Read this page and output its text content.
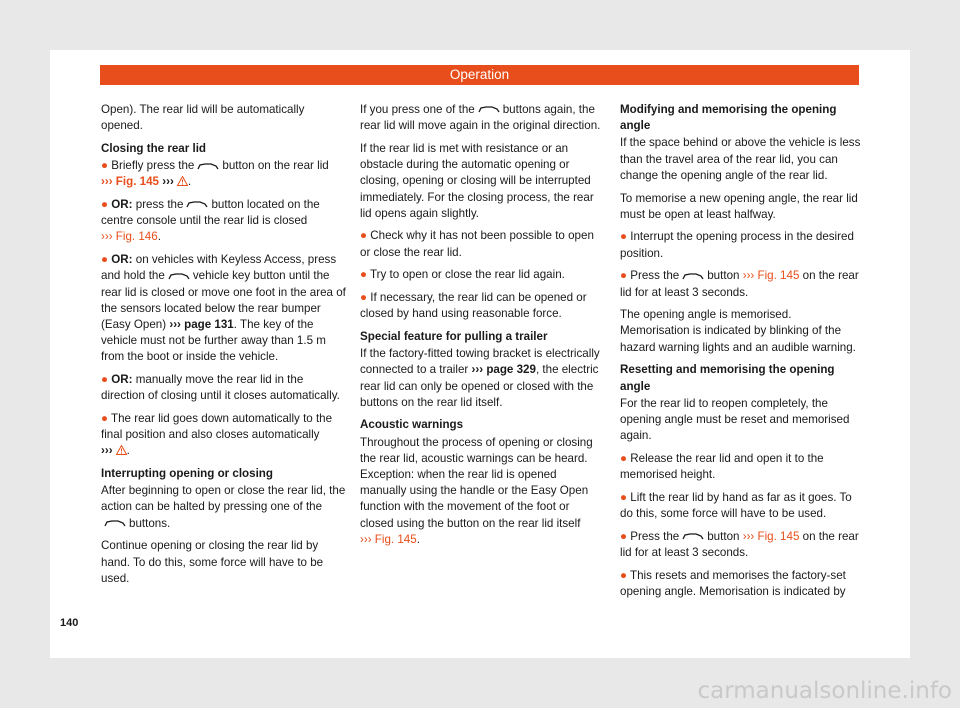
Operation

Open). The rear lid will be automatically opened.

Closing the rear lid

● Briefly press the button on the rear lid
››› Fig. 145 ››› .

● OR: press the button located on the centre console until the rear lid is closed
››› Fig. 146.

● OR: on vehicles with Keyless Access, press and hold the vehicle key button until the rear lid is closed or move one foot in the area of the sensors located below the rear bumper (Easy Open) ››› page 131. The key of the vehicle must not be further away than 1.5 m from the boot or inside the vehicle.

● OR: manually move the rear lid in the direction of closing until it closes automatically.

● The rear lid goes down automatically to the final position and also closes automatically
››› .

Interrupting opening or closing

After beginning to open or close the rear lid, the action can be halted by pressing one of the
buttons.

Continue opening or closing the rear lid by hand. To do this, some force will have to be used.

If you press one of the buttons again, the rear lid will move again in the original direction.

If the rear lid is met with resistance or an obstacle during the automatic opening or closing, opening or closing will be interrupted immediately. For the closing process, the rear lid opens again slightly.

● Check why it has not been possible to open or close the rear lid.

● Try to open or close the rear lid again.

● If necessary, the rear lid can be opened or closed by hand using reasonable force.

Special feature for pulling a trailer

If the factory-fitted towing bracket is electrically connected to a trailer ››› page 329, the electric rear lid can only be opened or closed with the buttons on the rear lid itself.

Acoustic warnings

Throughout the process of opening or closing the rear lid, acoustic warnings can be heard. Exception: when the rear lid is opened manually using the handle or the Easy Open function with the movement of the foot or closed using the button on the rear lid itself
››› Fig. 145.

Modifying and memorising the opening angle

If the space behind or above the vehicle is less than the travel area of the rear lid, you can change the opening angle of the rear lid.

To memorise a new opening angle, the rear lid must be open at least halfway.

● Interrupt the opening process in the desired position.

● Press the button ››› Fig. 145 on the rear lid for at least 3 seconds.

The opening angle is memorised. Memorisation is indicated by blinking of the hazard warning lights and an audible warning.

Resetting and memorising the opening angle

For the rear lid to reopen completely, the opening angle must be reset and memorised again.

● Release the rear lid and open it to the memorised height.

● Lift the rear lid by hand as far as it goes. To do this, some force will have to be used.

● Press the button ››› Fig. 145 on the rear lid for at least 3 seconds.

● This resets and memorises the factory-set opening angle. Memorisation is indicated by

140
carmanualsonline.info
